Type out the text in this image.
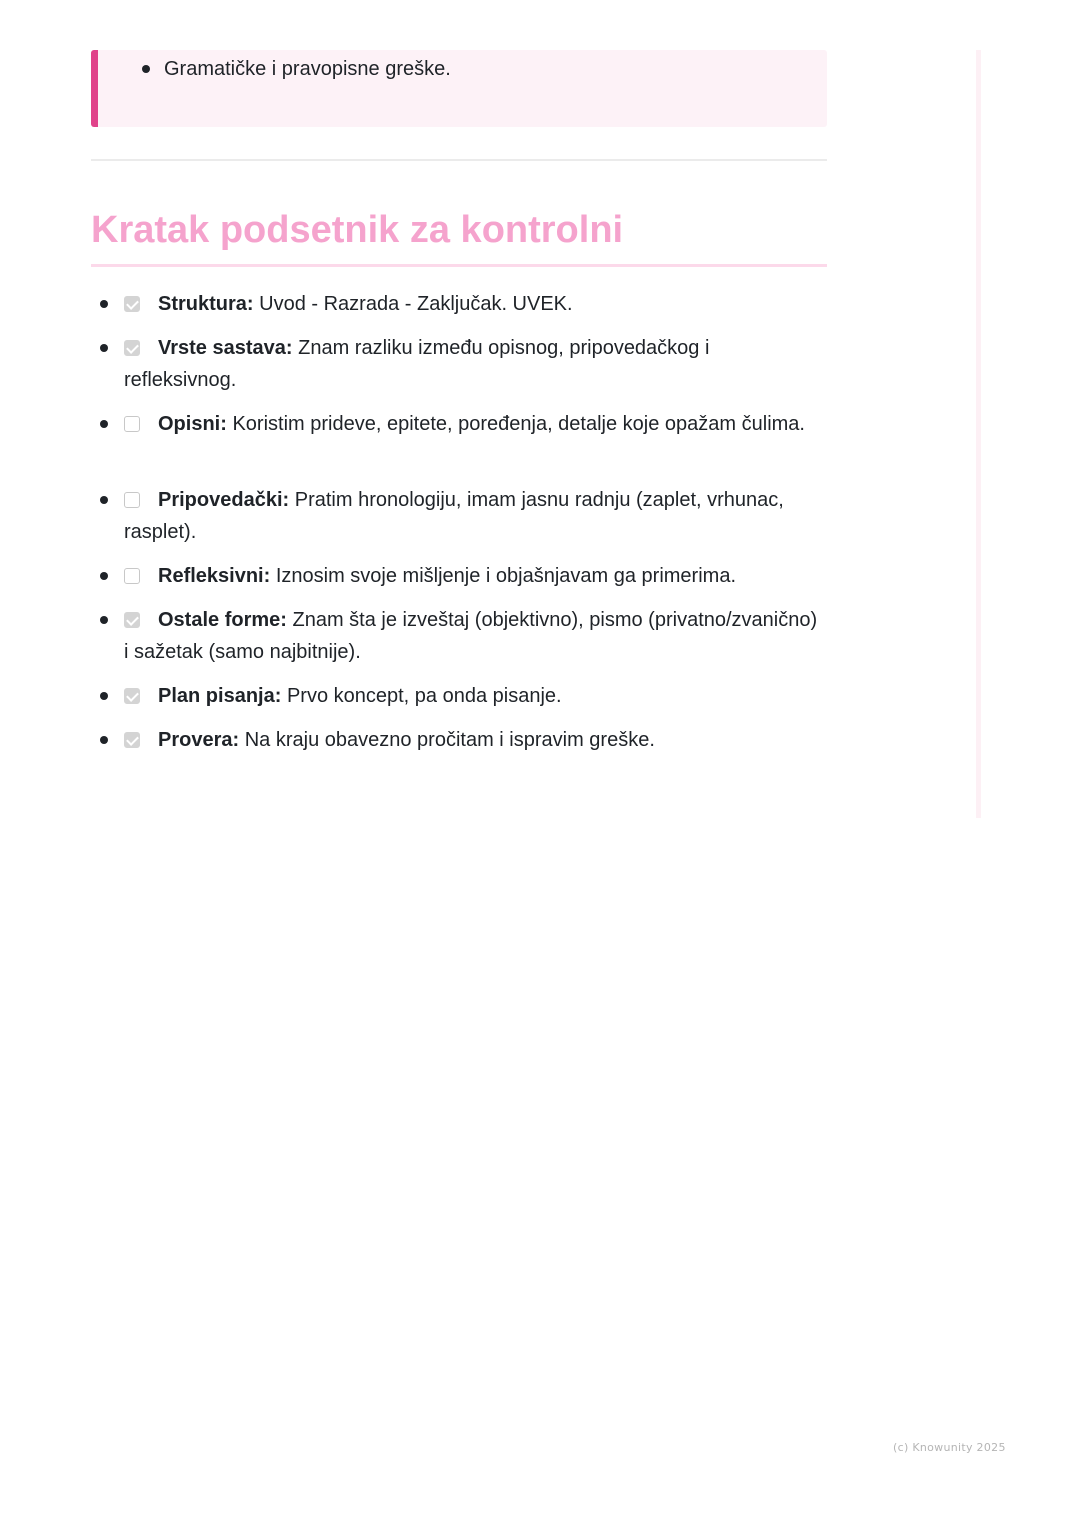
Gramatičke i pravopisne greške.
Kratak podsetnik za kontrolni
Struktura: Uvod - Razrada - Zaključak. UVEK.
Vrste sastava: Znam razliku između opisnog, pripovedačkog i refleksivnog.
Opisni: Koristim prideve, epitete, poređenja, detalje koje opažam čulima.
Pripovedački: Pratim hronologiju, imam jasnu radnju (zaplet, vrhunac, rasplet).
Refleksivni: Iznosim svoje mišljenje i objašnjavam ga primerima.
Ostale forme: Znam šta je izveštaj (objektivno), pismo (privatno/zvanično) i sažetak (samo najbitnije).
Plan pisanja: Prvo koncept, pa onda pisanje.
Provera: Na kraju obavezno pročitam i ispravim greške.
(c) Knowunity 2025
